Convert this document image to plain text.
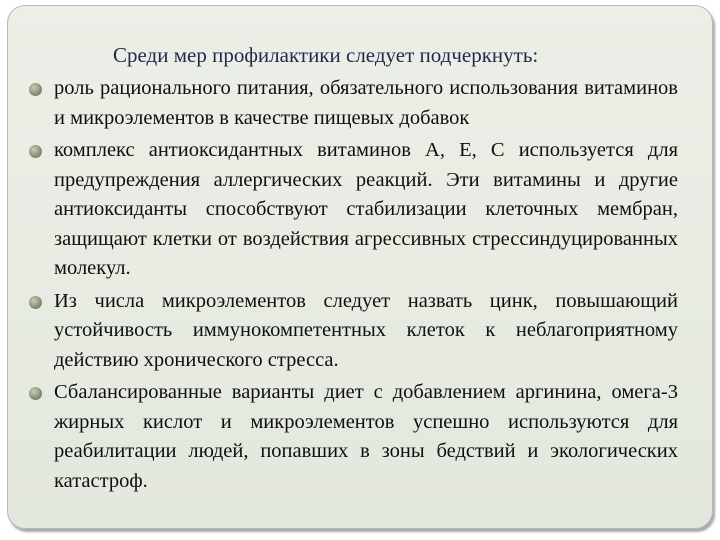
Среди мер профилактики следует подчеркнуть:
роль рационального питания, обязательного использования витаминов и микроэлементов в качестве пищевых добавок
комплекс антиоксидантных витаминов А, Е, С используется для предупреждения аллергических реакций. Эти витамины и другие антиоксиданты способствуют стабилизации клеточных мембран, защищают клетки от воздействия агрессивных стрессиндуцированных молекул.
Из числа микроэлементов следует назвать цинк, повышающий устойчивость иммунокомпетентных клеток к неблагоприятному действию хронического стресса.
Сбалансированные варианты диет с добавлением аргинина, омега-3 жирных кислот и микроэлементов успешно используются для реабилитации людей, попавших в зоны бедствий и экологических катастроф.
